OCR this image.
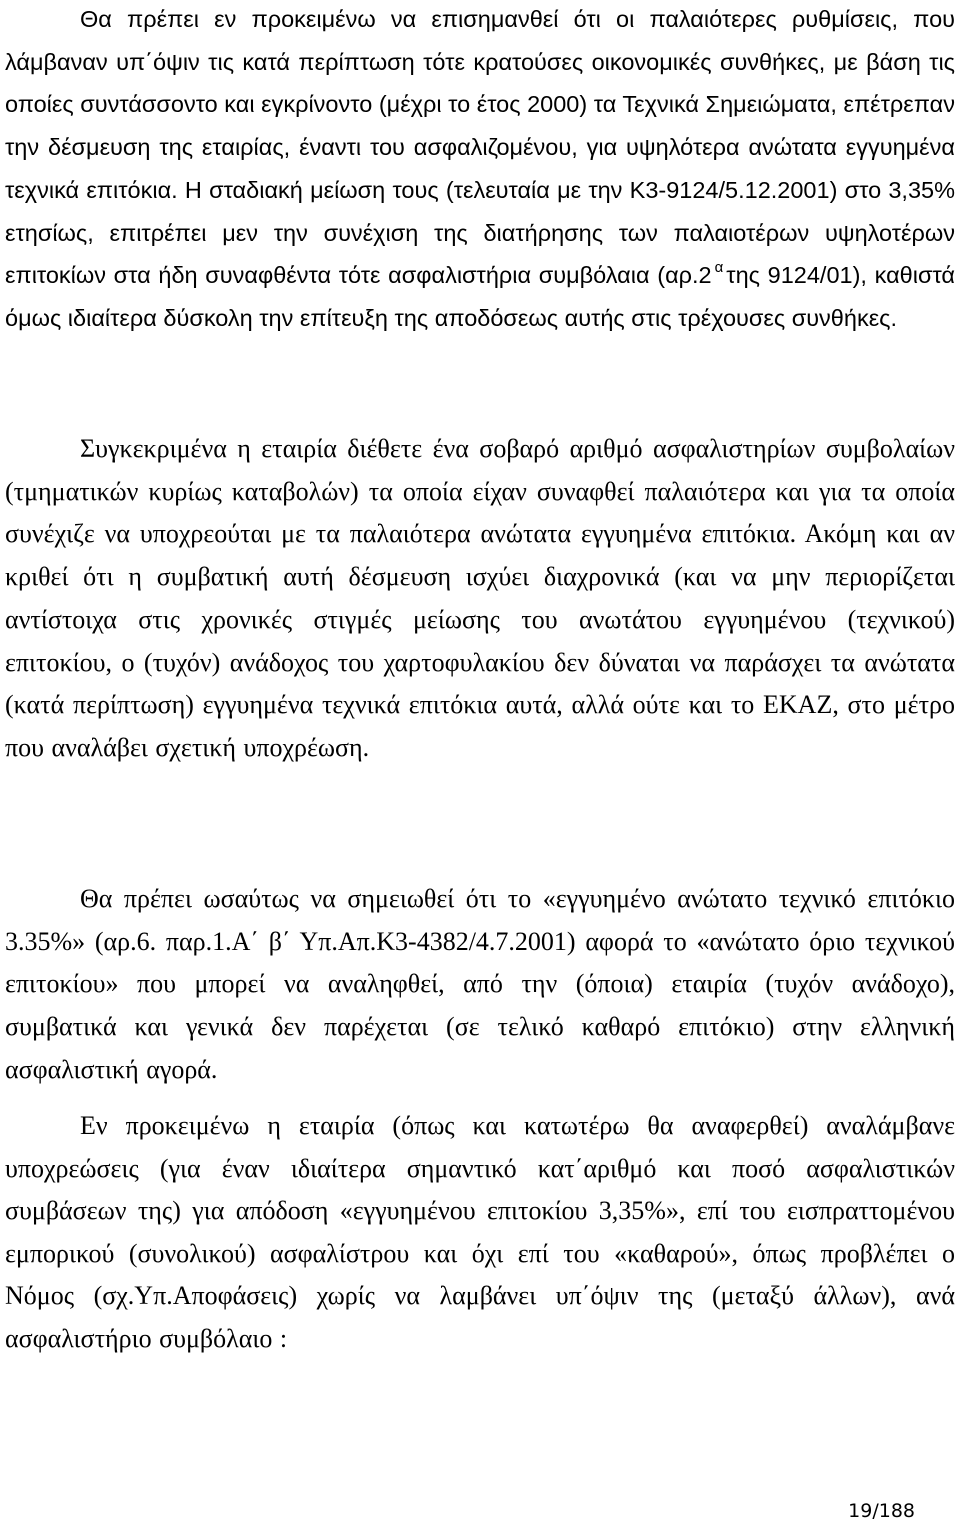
Θα πρέπει εν προκειμένω να επισημανθεί ότι οι παλαιότερες ρυθμίσεις, που λάμβαναν υπ΄όψιν τις κατά περίπτωση τότε κρατούσες οικονομικές συνθήκες, με βάση τις οποίες συντάσσοντο και εγκρίνοντο (μέχρι το έτος 2000) τα Τεχνικά Σημειώματα, επέτρεπαν την δέσμευση της εταιρίας, έναντι του ασφαλιζομένου, για υψηλότερα ανώτατα εγγυημένα τεχνικά επιτόκια. Η σταδιακή μείωση τους (τελευταία με την Κ3-9124/5.12.2001) στο 3,35% ετησίως, επιτρέπει μεν την συνέχιση της διατήρησης των παλαιοτέρων υψηλοτέρων επιτοκίων στα ήδη συναφθέντα τότε ασφαλιστήρια συμβόλαια (αρ.2 $^\alpha$ της 9124/01), καθιστά όμως ιδιαίτερα δύσκολη την επίτευξη της αποδόσεως αυτής στις τρέχουσες συνθήκες.

Συγκεκριμένα η εταιρία διέθετε ένα σοβαρό αριθμό ασφαλιστηρίων συμβολαίων (τμηματικών κυρίως καταβολών) τα οποία είχαν συναφθεί παλαιότερα και για τα οποία συνέχιζε να υποχρεούται με τα παλαιότερα ανώτατα εγγυημένα επιτόκια. Ακόμη και αν κριθεί ότι η συμβατική αυτή δέσμευση ισχύει διαχρονικά (και να μην περιορίζεται αντίστοιχα στις χρονικές στιγμές μείωσης του ανωτάτου εγγυημένου (τεχνικού) επιτοκίου, ο (τυχόν) ανάδοχος του χαρτοφυλακίου δεν δύναται να παράσχει τα ανώτατα (κατά περίπτωση) εγγυημένα τεχνικά επιτόκια αυτά, αλλά ούτε και το ΕΚΑΖ, στο μέτρο που αναλάβει σχετική υποχρέωση.

Θα πρέπει ωσαύτως να σημειωθεί ότι το «εγγυημένο ανώτατο τεχνικό επιτόκιο 3.35%» (αρ.6. παρ.1.Α΄ β΄ Υπ.Απ.Κ3-4382/4.7.2001) αφορά το «ανώτατο όριο τεχνικού επιτοκίου» που μπορεί να αναληφθεί, από την (όποια) εταιρία (τυχόν ανάδοχο), συμβατικά και γενικά δεν παρέχεται (σε τελικό καθαρό επιτόκιο) στην ελληνική ασφαλιστική αγορά.

Εν προκειμένω η εταιρία (όπως και κατωτέρω θα αναφερθεί) αναλάμβανε υποχρεώσεις (για έναν ιδιαίτερα σημαντικό κατ΄αριθμό και ποσό ασφαλιστικών συμβάσεων της) για απόδοση «εγγυημένου επιτοκίου 3,35%», επί του εισπραττομένου εμπορικού (συνολικού) ασφαλίστρου και όχι επί του «καθαρού», όπως προβλέπει ο Νόμος (σχ.Υπ.Αποφάσεις) χωρίς να λαμβάνει υπ΄όψιν της (μεταξύ άλλων), ανά ασφαλιστήριο συμβόλαιο :

19/188
